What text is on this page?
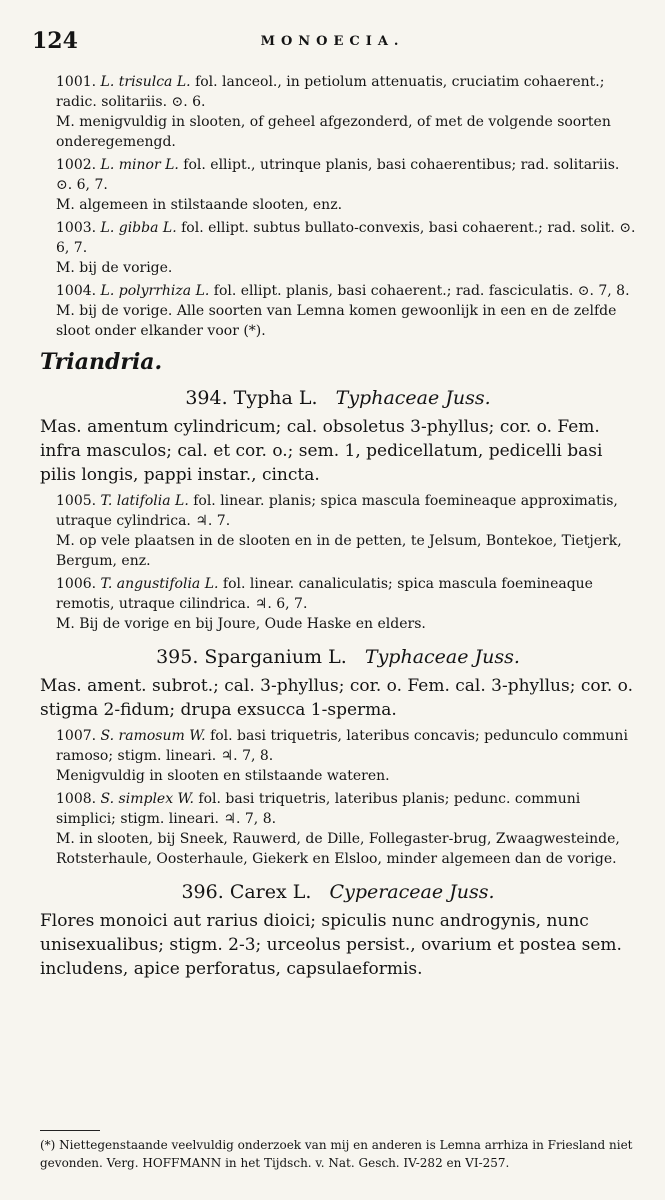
124	MONOECIA.
1001. L. trisulca L. fol. lanceol., in petiolum attenuatis, cruciatim cohaerent.; radic. solitariis. ⊙. 6.
M. menigvuldig in slooten, of geheel afgezonderd, of met de volgende soorten onderegemengd.
1002. L. minor L. fol. ellipt., utrinque planis, basi cohaerentibus; rad. solitariis. ⊙. 6, 7.
M. algemeen in stilstaande slooten, enz.
1003. L. gibba L. fol. ellipt. subtus bullato-convexis, basi cohaerent.; rad. solit. ⊙. 6, 7.
M. bij de vorige.
1004. L. polyrrhiza L. fol. ellipt. planis, basi cohaerent.; rad. fasciculatis. ⊙. 7, 8.
M. bij de vorige. Alle soorten van Lemna komen gewoonlijk in een en de zelfde sloot onder elkander voor (*).
Triandria.
394. Typha L. Typhaceae Juss.
Mas. amentum cylindricum; cal. obsoletus 3-phyllus; cor. o. Fem. infra masculos; cal. et cor. o.; sem. 1, pedicellatum, pedicelli basi pilis longis, pappi instar., cincta.
1005. T. latifolia L. fol. linear. planis; spica mascula foemineaque approximatis, utraque cylindrica. ♃. 7.
M. op vele plaatsen in de slooten en in de petten, te Jelsum, Bontekoe, Tietjerk, Bergum, enz.
1006. T. angustifolia L. fol. linear. canaliculatis; spica mascula foemineaque remotis, utraque cilindrica. ♃. 6, 7.
M. Bij de vorige en bij Joure, Oude Haske en elders.
395. Sparganium L. Typhaceae Juss.
Mas. ament. subrot.; cal. 3-phyllus; cor. o. Fem. cal. 3-phyllus; cor. o. stigma 2-fidum; drupa exsucca 1-sperma.
1007. S. ramosum W. fol. basi triquetris, lateribus concavis; pedunculo communi ramoso; stigm. lineari. ♃. 7, 8.
Menigvuldig in slooten en stilstaande wateren.
1008. S. simplex W. fol. basi triquetris, lateribus planis; pedunc. communi simplici; stigm. lineari. ♃. 7, 8.
M. in slooten, bij Sneek, Rauwerd, de Dille, Follegaster-brug, Zwaagwesteinde, Rotsterhaule, Oosterhaule, Giekerk en Elsloo, minder algemeen dan de vorige.
396. Carex L. Cyperaceae Juss.
Flores monoici aut rarius dioici; spiculis nunc androgynis, nunc unisexualibus; stigm. 2-3; urceolus persist., ovarium et postea sem. includens, apice perforatus, capsulaeformis.
(*) Niettegenstaande veelvuldig onderzoek van mij en anderen is Lemna arrhiza in Friesland niet gevonden. Verg. HOFFMANN in het Tijdsch. v. Nat. Gesch. IV-282 en VI-257.
